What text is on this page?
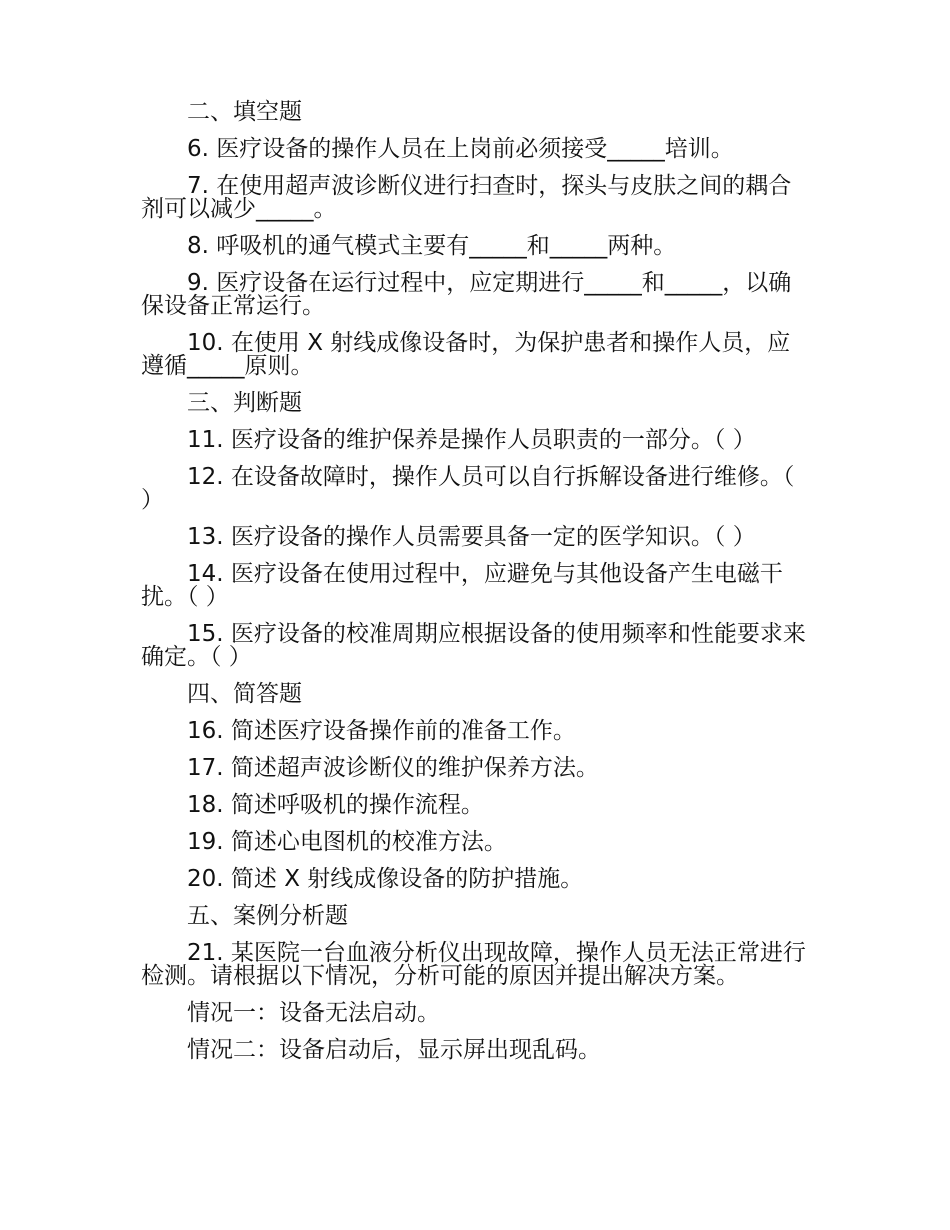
二、填空题

6. 医疗设备的操作人员在上岗前必须接受_____培训。

7. 在使用超声波诊断仪进行扫查时，探头与皮肤之间的耦合剂可以减少_____。

8. 呼吸机的通气模式主要有_____和_____两种。

9. 医疗设备在运行过程中，应定期进行_____和_____，以确保设备正常运行。

10. 在使用 X 射线成像设备时，为保护患者和操作人员，应遵循_____原则。

三、判断题

11. 医疗设备的维护保养是操作人员职责的一部分。（ ）

12. 在设备故障时，操作人员可以自行拆解设备进行维修。（ ）

13. 医疗设备的操作人员需要具备一定的医学知识。（ ）

14. 医疗设备在使用过程中，应避免与其他设备产生电磁干扰。（ ）

15. 医疗设备的校准周期应根据设备的使用频率和性能要求来确定。（ ）

四、简答题

16. 简述医疗设备操作前的准备工作。

17. 简述超声波诊断仪的维护保养方法。

18. 简述呼吸机的操作流程。

19. 简述心电图机的校准方法。

20. 简述 X 射线成像设备的防护措施。

五、案例分析题

21. 某医院一台血液分析仪出现故障，操作人员无法正常进行检测。请根据以下情况，分析可能的原因并提出解决方案。

情况一：设备无法启动。

情况二：设备启动后，显示屏出现乱码。
